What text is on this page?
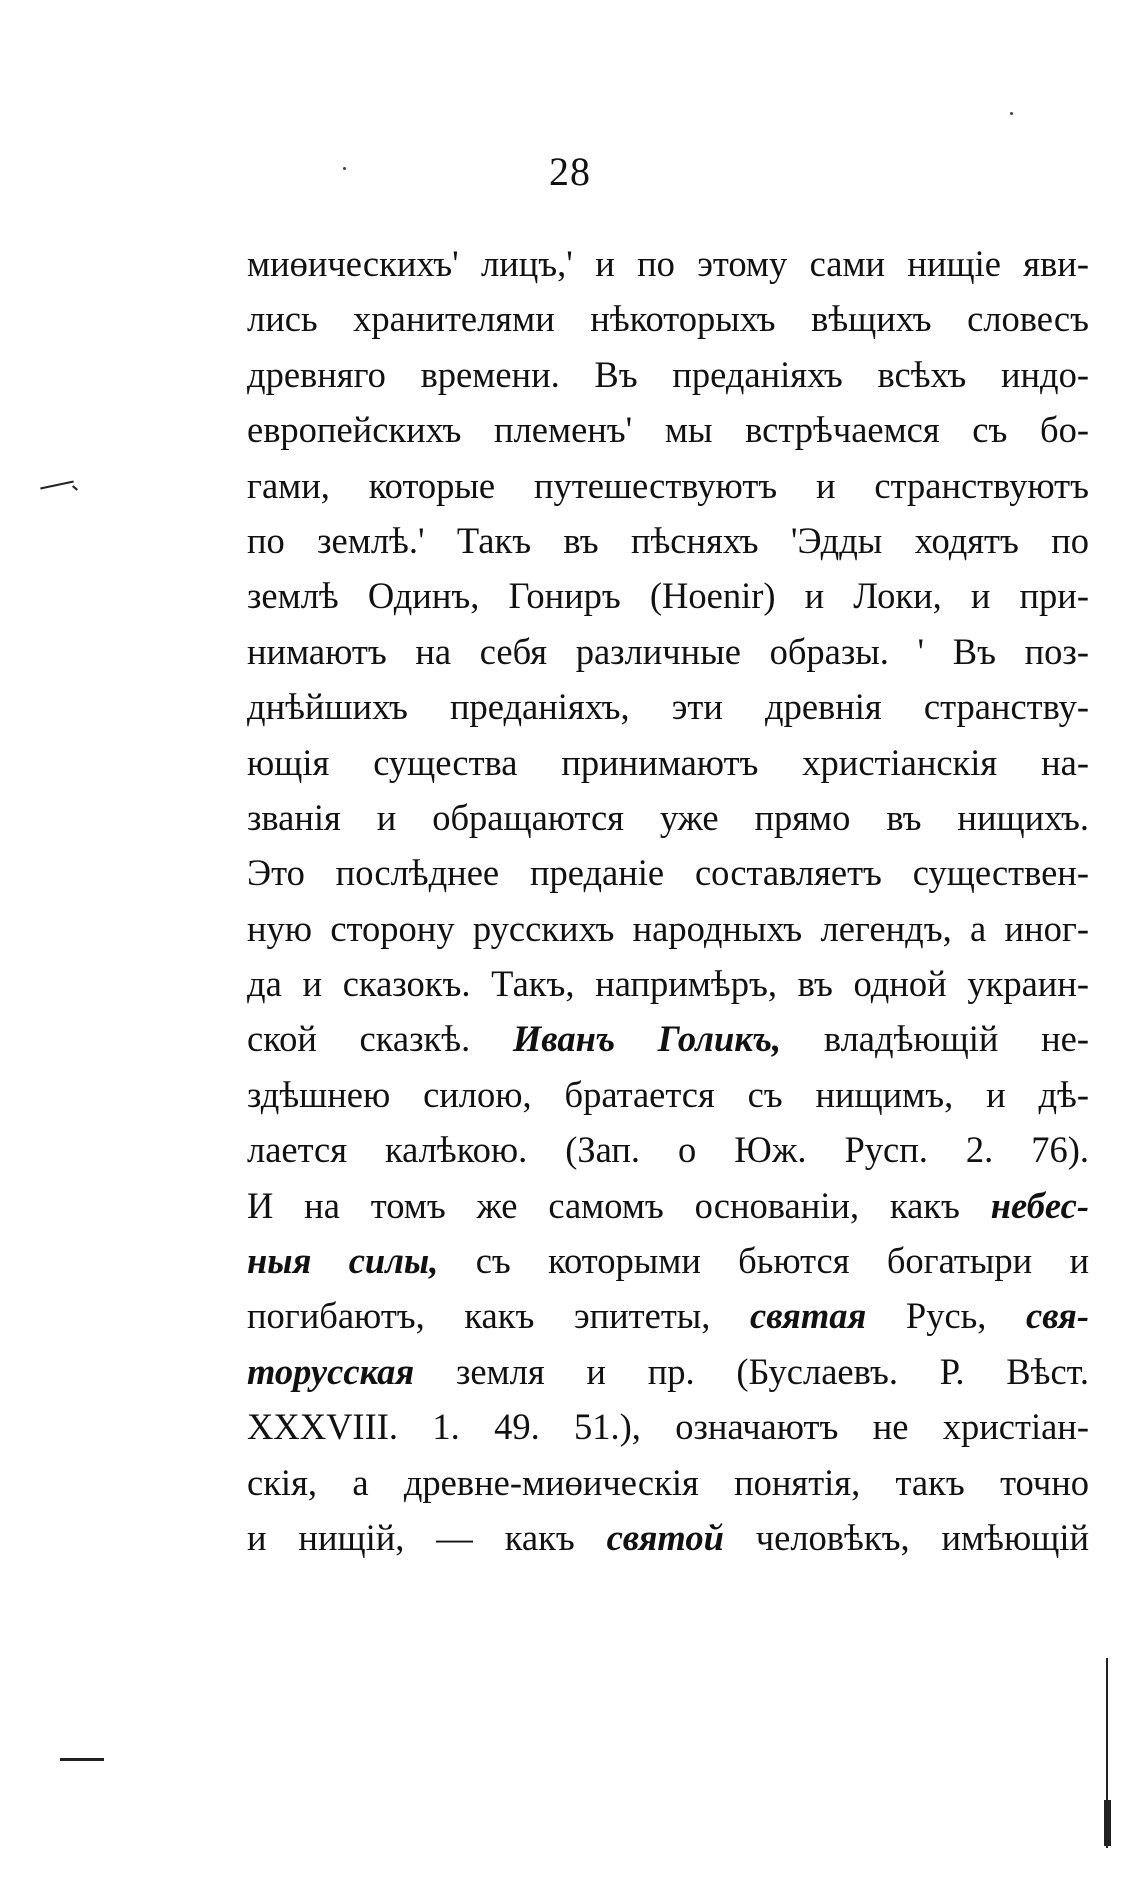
28
миөическихъ' лицъ,' и по этому сами нищіе яви-
лись хранителями нѣкоторыхъ вѣщихъ словесъ
древняго времени. Въ преданіяхъ всѣхъ индо-
европейскихъ племенъ' мы встрѣчаемся съ бо-
гами, которые путешествуютъ и странствуютъ
по землѣ.' Такъ въ пѣсняхъ 'Эдды ходятъ по
землѣ Одинъ, Гониръ (Hoenir) и Локи, и при-
нимаютъ на себя различные образы. ' Въ поз-
днѣйшихъ преданіяхъ, эти древнія странству-
ющія существа принимаютъ христіанскія на-
званія и обращаются уже прямо въ нищихъ.
Это послѣднее преданіе составляетъ существен-
ную сторону русскихъ народныхъ легендъ, а иног-
да и сказокъ. Такъ, напримѣръ, въ одной украин-
ской сказкѣ. Иванъ Голикъ, владѣющій не-
здѣшнею силою, братается съ нищимъ, и дѣ-
лается калѣкою. (Зап. о Юж. Русп. 2. 76).
И на томъ же самомъ основаніи, какъ небес-
ныя силы, съ которыми бьются богатыри и
погибаютъ, какъ эпитеты, святая Русь, свя-
торусская земля и пр. (Буслаевъ. Р. Вѣст.
XXXVIII. 1. 49. 51.), означаютъ не христіан-
скія, а древне-миөическія понятія, такъ точно
и нищій, — какъ святой человѣкъ, имѣющій
